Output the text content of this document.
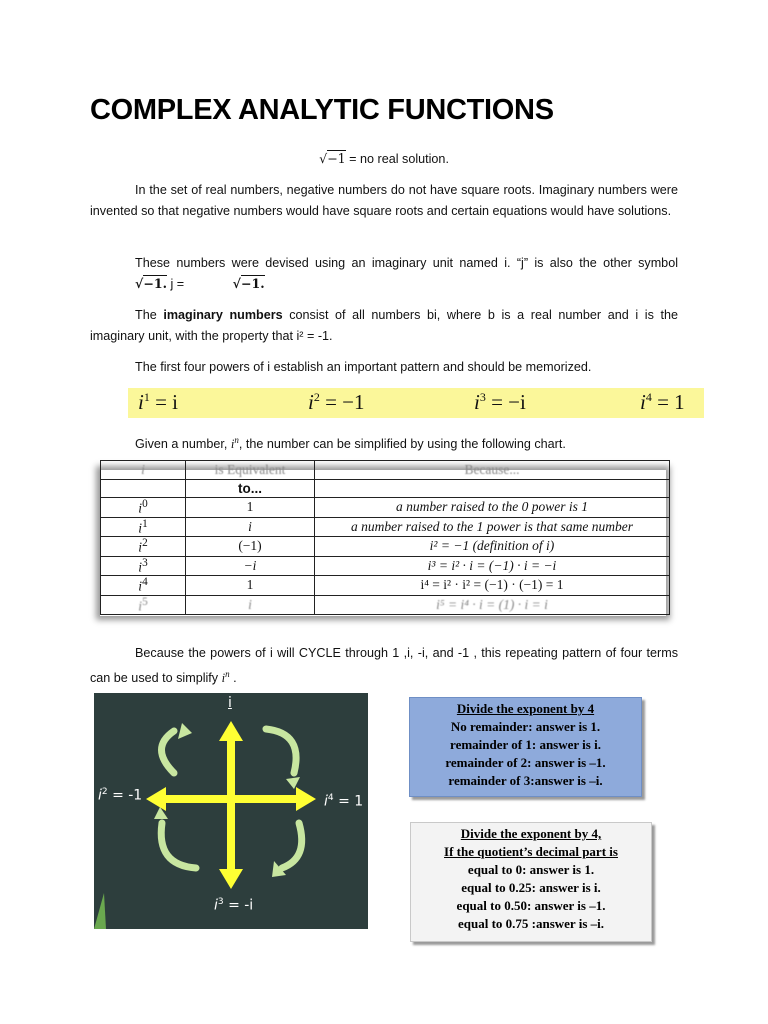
COMPLEX ANALYTIC FUNCTIONS
√−1 = no real solution.
In the set of real numbers, negative numbers do not have square roots. Imaginary numbers were invented so that negative numbers would have square roots and certain equations would have solutions.
These numbers were devised using an imaginary unit named i. “j” is also the other symbol √−1. j =	√−1.
The imaginary numbers consist of all numbers bi, where b is a real number and i is the imaginary unit, with the property that i² = -1.
The first four powers of i establish an important pattern and should be memorized.
$i^1 = i$	$i^2 = -1$	$i^3 = -i$	$i^4 = 1$
Given a number, $i^n$, the number can be simplified by using the following chart.
i	is Equivalent	Because...
	to...	
$i^0$	1	a number raised to the 0 power is 1
$i^1$	i	a number raised to the 1 power is that same number
$i^2$	(−1)	i² = −1 (definition of i)
$i^3$	−i	i³ = i² · i = (−1) · i = −i
$i^4$	1	i⁴ = i² · i² = (−1) · (−1) = 1
$i^5$	i	i⁵ = i⁴ · i = (1) · i = i
Because the powers of i will CYCLE through 1 ,i, -i, and -1 , this repeating pattern of four terms can be used to simplify $i^n$ .
i
$i^2 = -1$	$i^4 = 1$
$i^3 = -i$
Divide the exponent by 4
No remainder: answer is 1.
remainder of 1: answer is i.
remainder of 2: answer is –1.
remainder of 3:answer is –i.
Divide the exponent by 4,
If the quotient’s decimal part is
equal to 0: answer is 1.
equal to 0.25: answer is i.
equal to 0.50: answer is –1.
equal to 0.75 :answer is –i.
